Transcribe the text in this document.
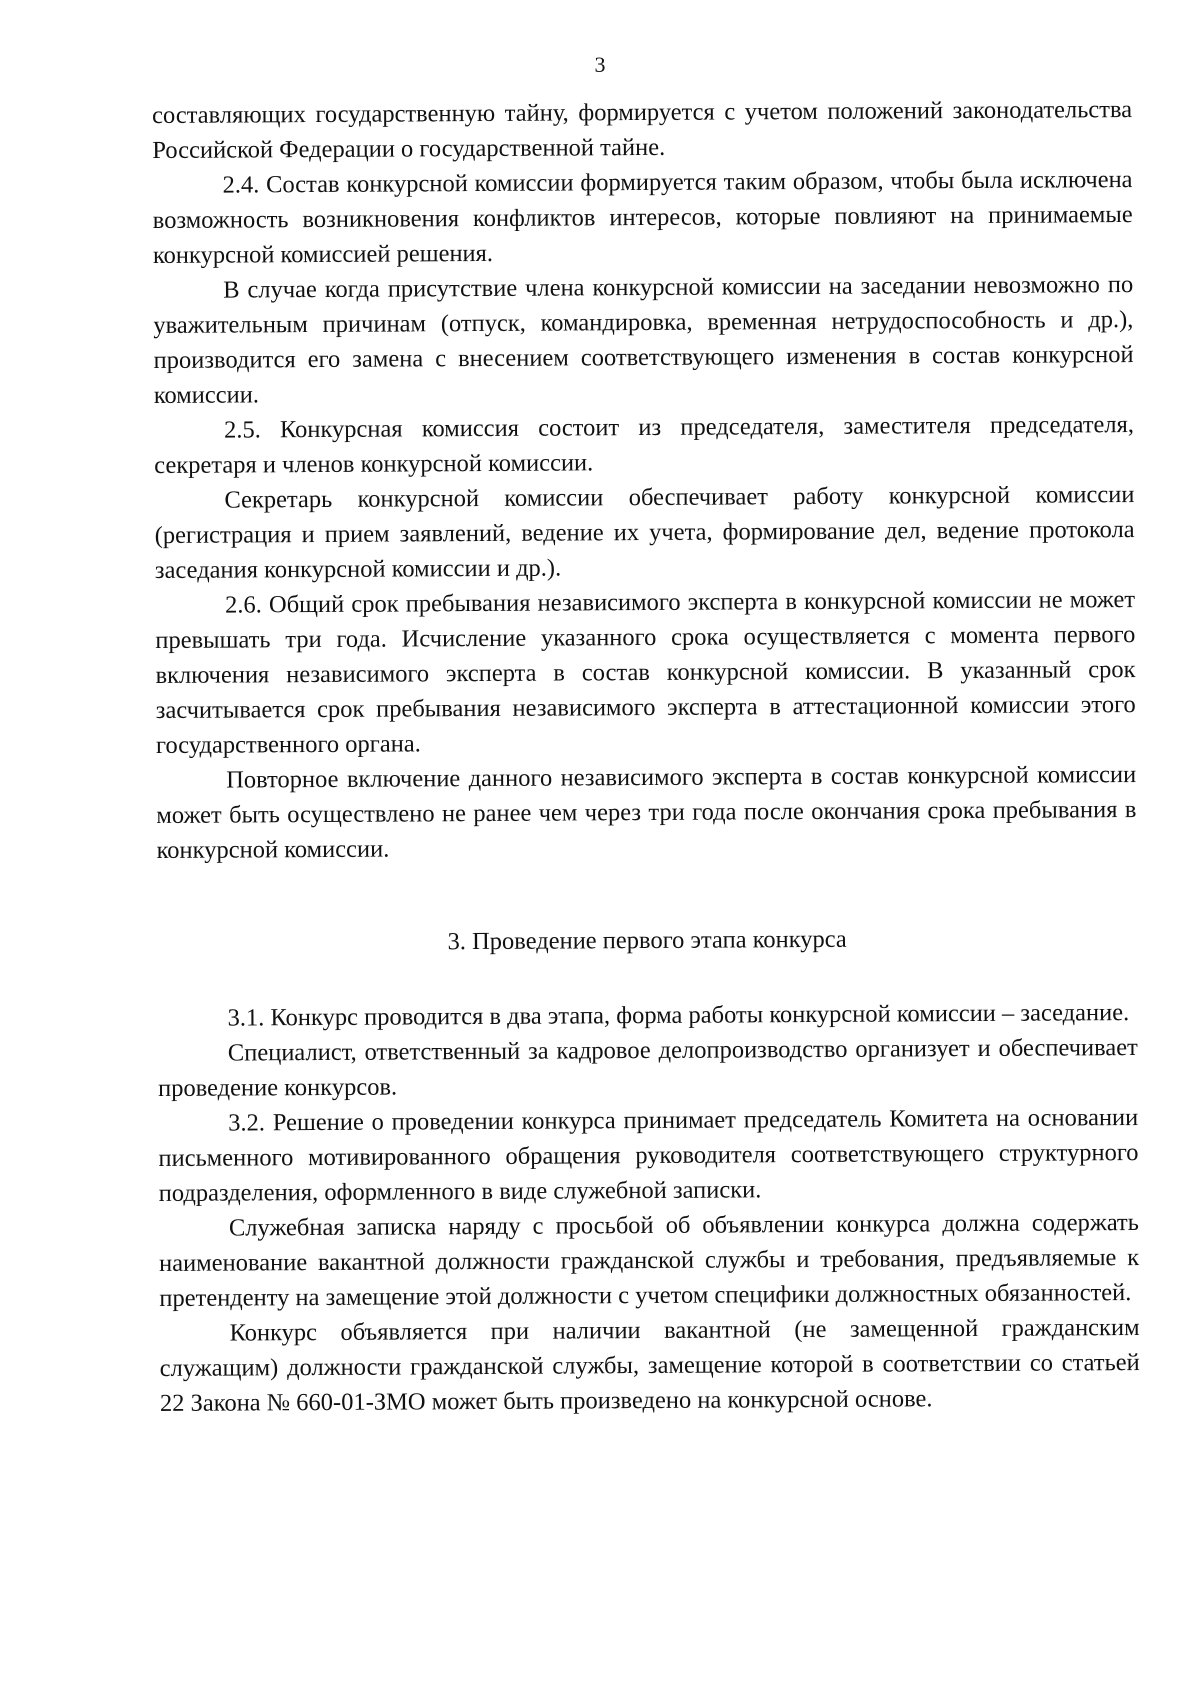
3

составляющих государственную тайну, формируется с учетом положений законодательства Российской Федерации о государственной тайне.

2.4. Состав конкурсной комиссии формируется таким образом, чтобы была исключена возможность возникновения конфликтов интересов, которые повлияют на принимаемые конкурсной комиссией решения.

В случае когда присутствие члена конкурсной комиссии на заседании невозможно по уважительным причинам (отпуск, командировка, временная нетрудоспособность и др.), производится его замена с внесением соответствующего изменения в состав конкурсной комиссии.

2.5. Конкурсная комиссия состоит из председателя, заместителя председателя, секретаря и членов конкурсной комиссии.

Секретарь конкурсной комиссии обеспечивает работу конкурсной комиссии (регистрация и прием заявлений, ведение их учета, формирование дел, ведение протокола заседания конкурсной комиссии и др.).

2.6. Общий срок пребывания независимого эксперта в конкурсной комиссии не может превышать три года. Исчисление указанного срока осуществляется с момента первого включения независимого эксперта в состав конкурсной комиссии. В указанный срок засчитывается срок пребывания независимого эксперта в аттестационной комиссии этого государственного органа.

Повторное включение данного независимого эксперта в состав конкурсной комиссии может быть осуществлено не ранее чем через три года после окончания срока пребывания в конкурсной комиссии.

3. Проведение первого этапа конкурса

3.1. Конкурс проводится в два этапа, форма работы конкурсной комиссии – заседание.

Специалист, ответственный за кадровое делопроизводство организует и обеспечивает проведение конкурсов.

3.2. Решение о проведении конкурса принимает председатель Комитета на основании письменного мотивированного обращения руководителя соответствующего структурного подразделения, оформленного в виде служебной записки.

Служебная записка наряду с просьбой об объявлении конкурса должна содержать наименование вакантной должности гражданской службы и требования, предъявляемые к претенденту на замещение этой должности с учетом специфики должностных обязанностей.

Конкурс объявляется при наличии вакантной (не замещенной гражданским служащим) должности гражданской службы, замещение которой в соответствии со статьей 22 Закона № 660-01-ЗМО может быть произведено на конкурсной основе.
